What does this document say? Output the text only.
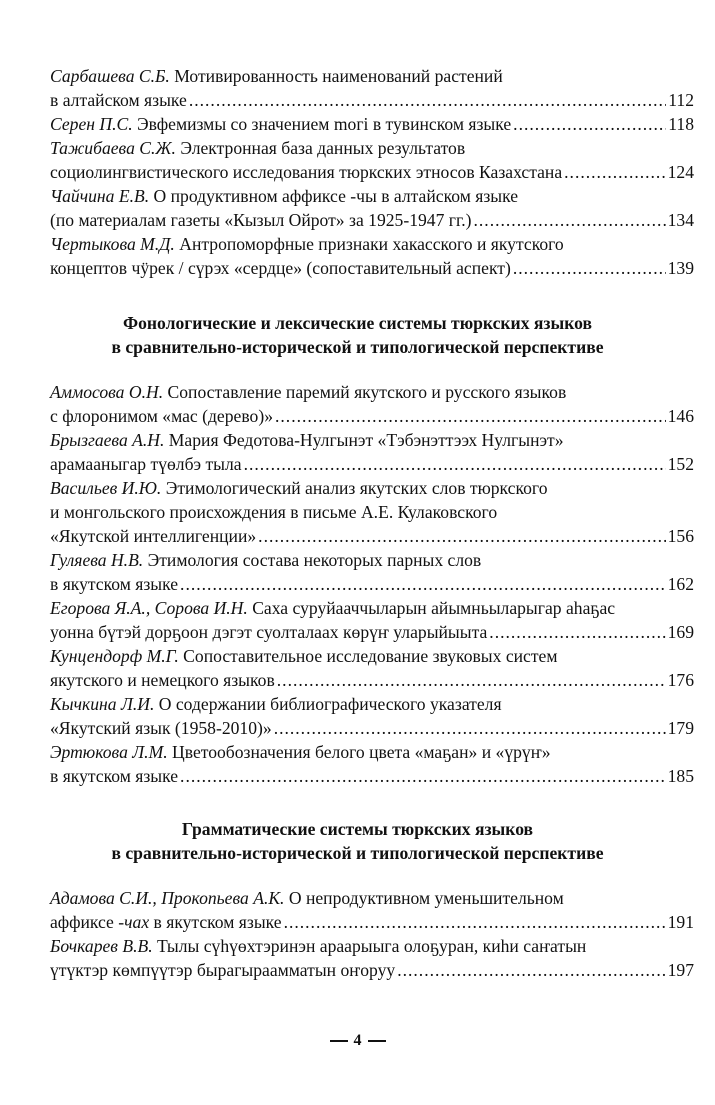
Сарбашева С.Б. Мотивированность наименований растений
в алтайском языке .....	112
Серен П.С. Эвфемизмы со значением mогі в тувинском языке .....	118
Тажибаева С.Ж. Электронная база данных результатов
социолингвистического исследования тюркских этносов Казахстана .....	124
Чайчина Е.В. О продуктивном аффиксе -чы в алтайском языке
(по материалам газеты «Кызыл Ойрот» за 1925-1947 гг.) .....	134
Чертыкова М.Д. Антропоморфные признаки хакасского и якутского
концептов чӱрек / сүрэх «сердце» (сопоставительный аспект) .....	139
Фонологические и лексические системы тюркских языков
в сравнительно-исторической и типологической перспективе
Аммосова О.Н. Сопоставление паремий якутского и русского языков
с флоронимом «мас (дерево)» .....	146
Брызгаева А.Н. Мария Федотова-Нулгынэт «Тэбэнэттээх Нулгынэт»
арамааныгар түөлбэ тыла .....	152
Васильев И.Ю. Этимологический анализ якутских слов тюркского
и монгольского происхождения в письме А.Е. Кулаковского
«Якутской интеллигенции» .....	156
Гуляева Н.В. Этимология состава некоторых парных слов
в якутском языке .....	162
Егорова Я.А., Сорова И.Н. Саха суруйааччыларын айымньыларыгар аһаҕас
уонна бүтэй дорҕоон дэгэт суолталаах көрүҥ уларыйыыта .....	169
Кунцендорф М.Г. Сопоставительное исследование звуковых систем
якутского и немецкого языков .....	176
Кычкина Л.И. О содержании библиографического указателя
«Якутский язык (1958-2010)» .....	179
Эртюкова Л.М. Цветообозначения белого цвета «маҕан» и «үрүҥ»
в якутском языке .....	185
Грамматические системы тюркских языков
в сравнительно-исторической и типологической перспективе
Адамова С.И., Прокопьева А.К. О непродуктивном уменьшительном
аффиксе -чах в якутском языке .....	191
Бочкарев В.В. Тылы сүһүөхтэринэн араарыыга олоҕуран, киһи саҥатын
үтүктэр көмпүүтэр бырагыраамматын оҥоруу .....	197
4
